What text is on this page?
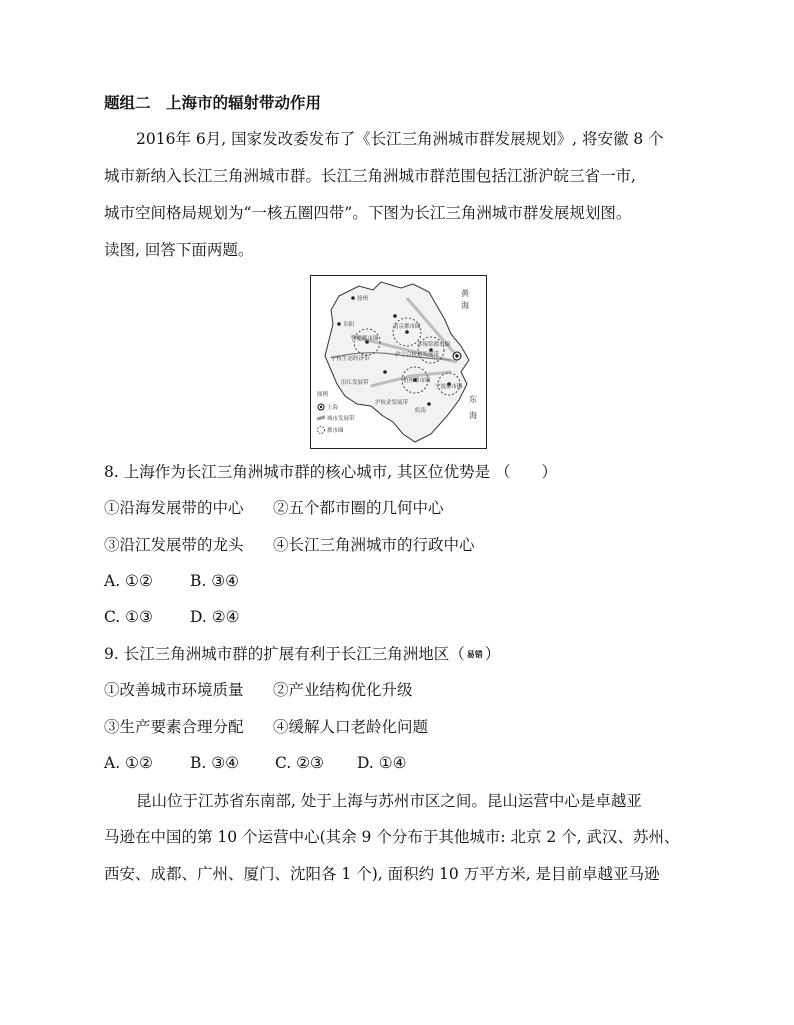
题组二　上海市的辐射带动作用
2016年 6月, 国家发改委发布了《长江三角洲城市群发展规划》, 将安徽 8 个
城市新纳入长江三角洲城市群。长江三角洲城市群范围包括江浙沪皖三省一市,
城市空间格局规划为“一核五圈四带”。下图为长江三角洲城市群发展规划图。
读图, 回答下面两题。
黄
海
东
海
徐州
阜阳	南京都市圈
合肥都市圈
苏锡常都市圈
宁杭生态经济带
沪宁合杭甬发展带
杭州都市圈
宁波都市圈
沿江发展带
沪杭金发展带
皖南
图例
上海
城市发展带
都市圈
8. 上海作为长江三角洲城市群的核心城市, 其区位优势是 （　　）
①沿海发展带的中心 ②五个都市圈的几何中心
③沿江发展带的龙头 ④长江三角洲城市的行政中心
A. ①② B. ③④
C. ①③ D. ②④
9. 长江三角洲城市群的扩展有利于长江三角洲地区（ 易错 ）
①改善城市环境质量 ②产业结构优化升级
③生产要素合理分配 ④缓解人口老龄化问题
A. ①② B. ③④ C. ②③ D. ①④
昆山位于江苏省东南部, 处于上海与苏州市区之间。昆山运营中心是卓越亚
马逊在中国的第 10 个运营中心(其余 9 个分布于其他城市: 北京 2 个, 武汉、苏州、
西安、成都、广州、厦门、沈阳各 1 个), 面积约 10 万平方米, 是目前卓越亚马逊
